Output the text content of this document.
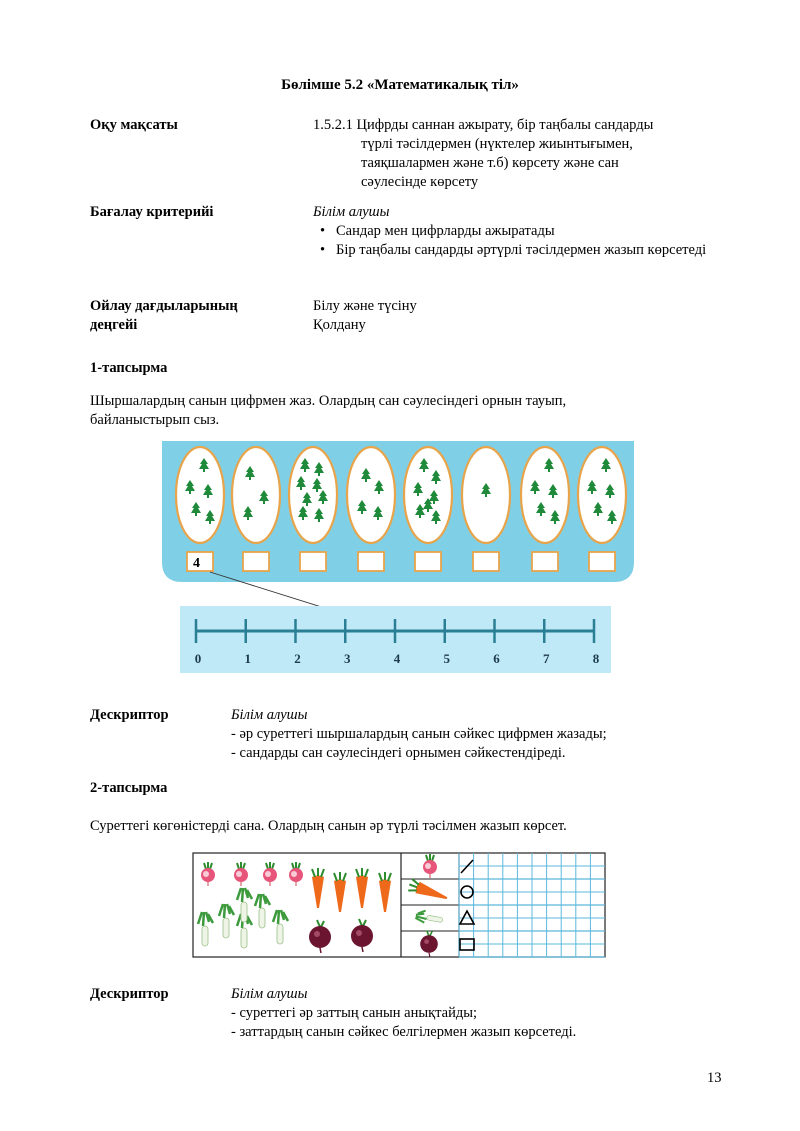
Бөлімше 5.2 «Математикалық тіл»
Оқу мақсаты	1.5.2.1 Цифрды саннан ажырату, бір таңбалы сандарды
түрлі тәсілдермен (нүктелер жиынтығымен,
таяқшалармен және т.б) көрсету және сан
сәулесінде көрсету
Бағалау критерийі	Білім алушы
• Сандар мен цифрларды ажыратады
• Бір таңбалы сандарды әртүрлі тәсілдермен жазып көрсетеді
Ойлау дағдыларының
деңгейі
Білу және түсіну
Қолдану
1-тапсырма
Шыршалардың санын цифрмен жаз. Олардың сан сәулесіндегі орнын тауып,
байланыстырып сыз.
4
0	1	2	3	4	5	6	7	8
Дескриптор	Білім алушы
- әр суреттегі шыршалардың санын сәйкес цифрмен жазады;
- сандарды сан сәулесіндегі орнымен сәйкестендіреді.
2-тапсырма
Суреттегі көгөністерді сана. Олардың санын әр түрлі тәсілмен жазып көрсет.
Дескриптор	Білім алушы
- суреттегі әр заттың санын анықтайды;
- заттардың санын сәйкес белгілермен жазып көрсетеді.
13
